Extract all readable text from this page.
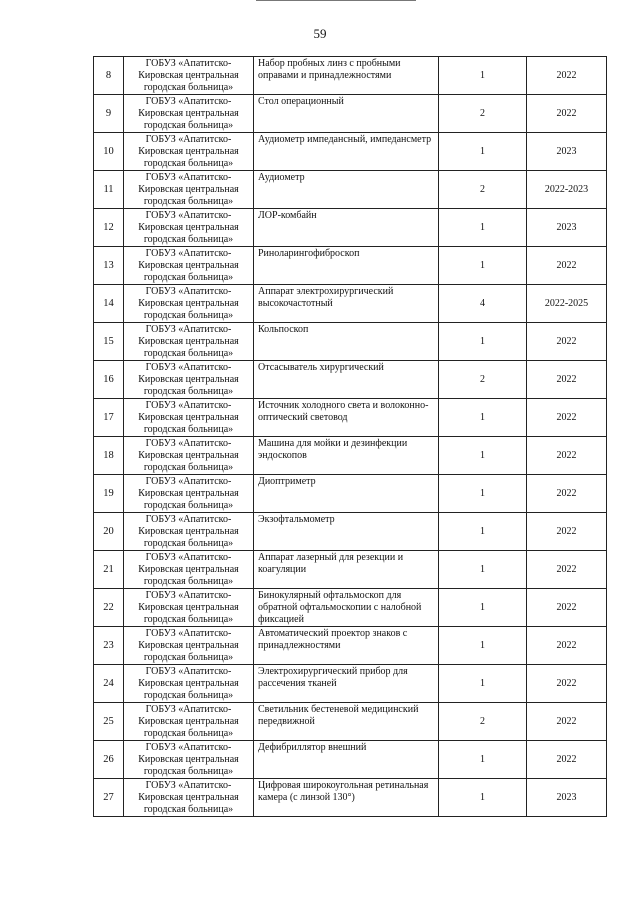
59
8	ГОБУЗ «Апатитско-Кировская центральная городская больница»	Набор пробных линз с пробными оправами и принадлежностями	1	2022
9	ГОБУЗ «Апатитско-Кировская центральная городская больница»	Стол операционный	2	2022
10	ГОБУЗ «Апатитско-Кировская центральная городская больница»	Аудиометр импедансный, импедансметр	1	2023
11	ГОБУЗ «Апатитско-Кировская центральная городская больница»	Аудиометр	2	2022-2023
12	ГОБУЗ «Апатитско-Кировская центральная городская больница»	ЛОР-комбайн	1	2023
13	ГОБУЗ «Апатитско-Кировская центральная городская больница»	Риноларингофиброскоп	1	2022
14	ГОБУЗ «Апатитско-Кировская центральная городская больница»	Аппарат электрохирургический высокочастотный	4	2022-2025
15	ГОБУЗ «Апатитско-Кировская центральная городская больница»	Кольпоскоп	1	2022
16	ГОБУЗ «Апатитско-Кировская центральная городская больница»	Отсасыватель хирургический	2	2022
17	ГОБУЗ «Апатитско-Кировская центральная городская больница»	Источник холодного света и волоконно-оптический световод	1	2022
18	ГОБУЗ «Апатитско-Кировская центральная городская больница»	Машина для мойки и дезинфекции эндоскопов	1	2022
19	ГОБУЗ «Апатитско-Кировская центральная городская больница»	Диоптриметр	1	2022
20	ГОБУЗ «Апатитско-Кировская центральная городская больница»	Экзофтальмометр	1	2022
21	ГОБУЗ «Апатитско-Кировская центральная городская больница»	Аппарат лазерный для резекции и коагуляции	1	2022
22	ГОБУЗ «Апатитско-Кировская центральная городская больница»	Бинокулярный офтальмоскоп для обратной офтальмоскопии с налобной фиксацией	1	2022
23	ГОБУЗ «Апатитско-Кировская центральная городская больница»	Автоматический проектор знаков с принадлежностями	1	2022
24	ГОБУЗ «Апатитско-Кировская центральная городская больница»	Электрохирургический прибор для рассечения тканей	1	2022
25	ГОБУЗ «Апатитско-Кировская центральная городская больница»	Светильник бестеневой медицинский передвижной	2	2022
26	ГОБУЗ «Апатитско-Кировская центральная городская больница»	Дефибриллятор внешний	1	2022
27	ГОБУЗ «Апатитско-Кировская центральная городская больница»	Цифровая широкоугольная ретинальная камера (с линзой 130°)	1	2023
